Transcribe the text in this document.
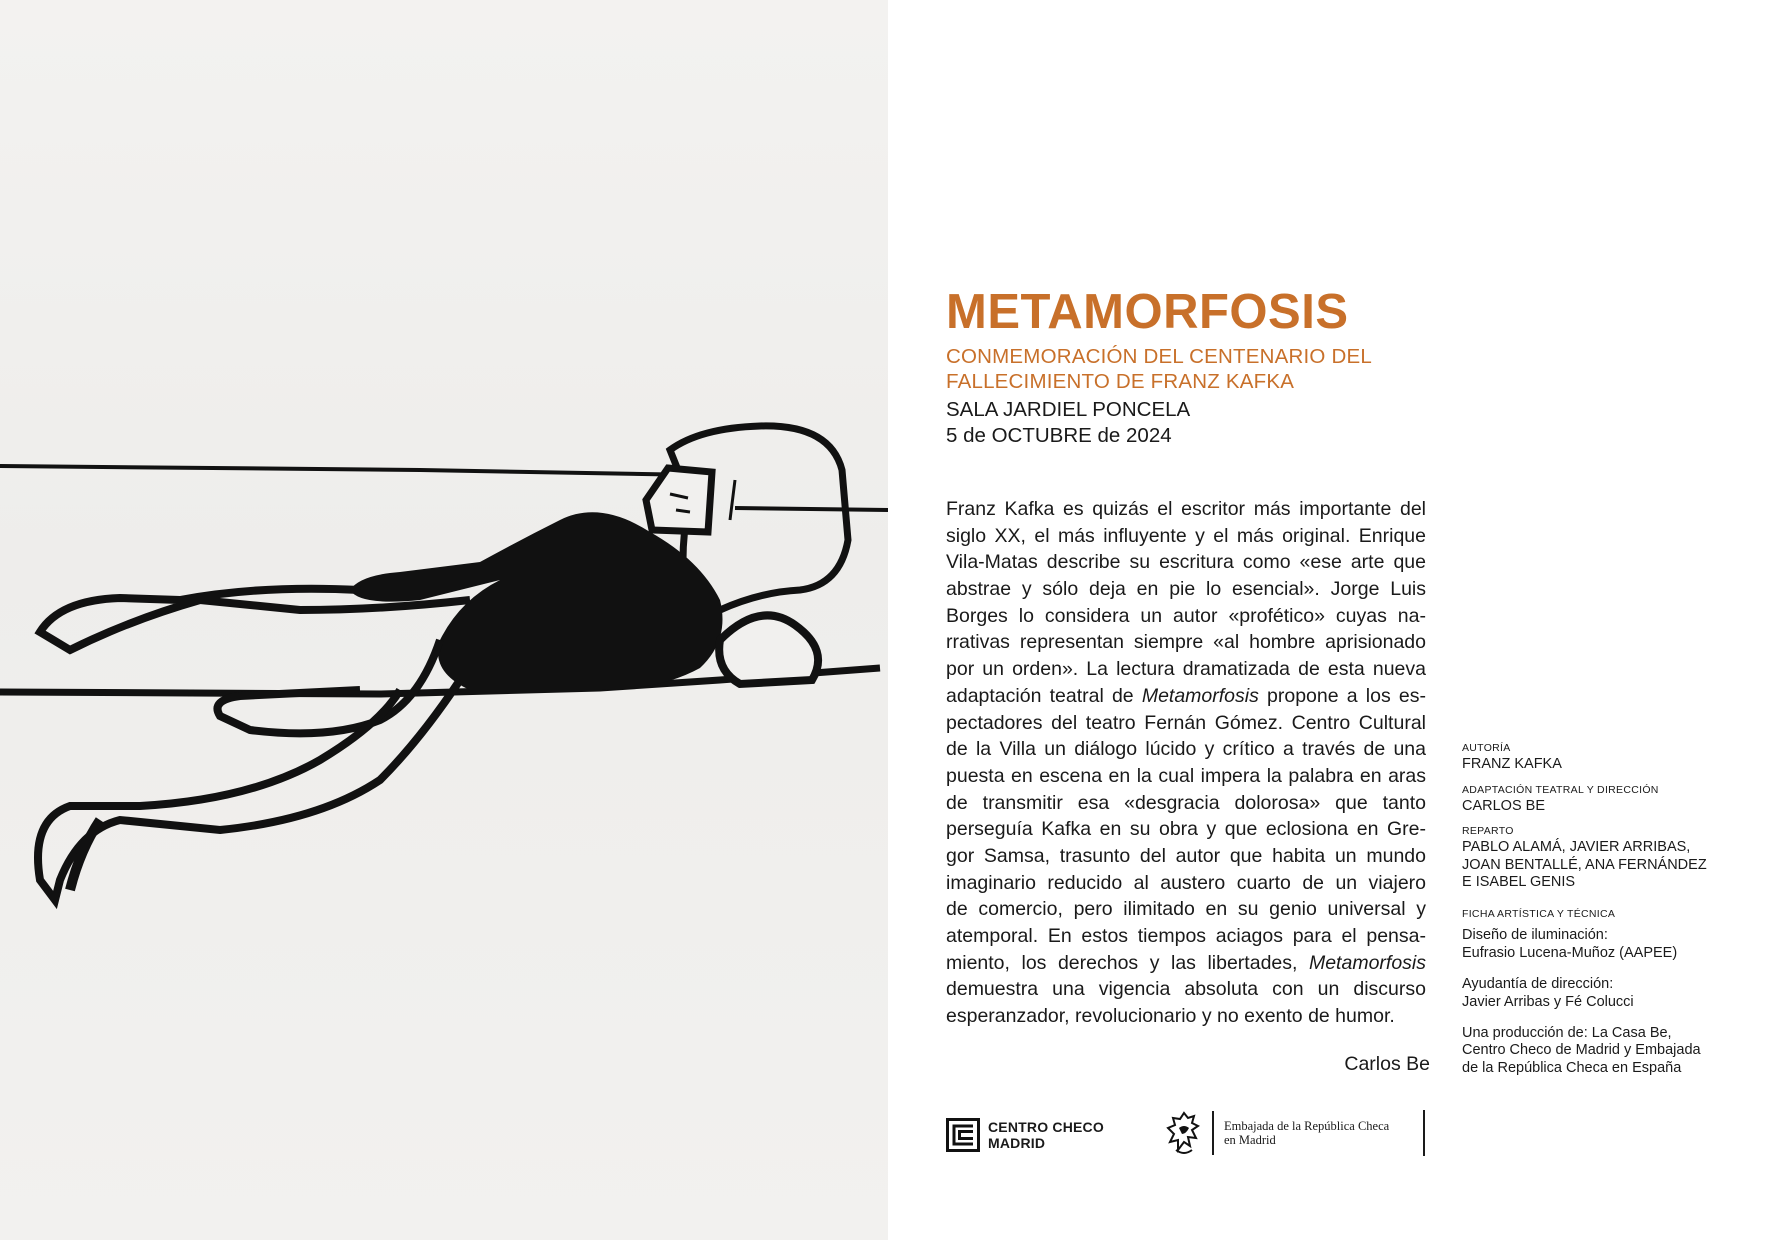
METAMORFOSIS
CONMEMORACIÓN DEL CENTENARIO DEL
FALLECIMIENTO DE FRANZ KAFKA
SALA JARDIEL PONCELA
5 de OCTUBRE de 2024
Franz Kafka es quizás el escritor más importante del
siglo XX, el más influyente y el más original. Enrique
Vila-Matas describe su escritura como «ese arte que
abstrae y sólo deja en pie lo esencial». Jorge Luis
Borges lo considera un autor «profético» cuyas na-
rrativas representan siempre «al hombre aprisionado
por un orden». La lectura dramatizada de esta nueva
adaptación teatral de Metamorfosis propone a los es-
pectadores del teatro Fernán Gómez. Centro Cultural
de la Villa un diálogo lúcido y crítico a través de una
puesta en escena en la cual impera la palabra en aras
de transmitir esa «desgracia dolorosa» que tanto
perseguía Kafka en su obra y que eclosiona en Gre-
gor Samsa, trasunto del autor que habita un mundo
imaginario reducido al austero cuarto de un viajero
de comercio, pero ilimitado en su genio universal y
atemporal. En estos tiempos aciagos para el pensa-
miento, los derechos y las libertades, Metamorfosis
demuestra una vigencia absoluta con un discurso
esperanzador, revolucionario y no exento de humor.
Carlos Be
AUTORÍA
FRANZ KAFKA
ADAPTACIÓN TEATRAL Y DIRECCIÓN
CARLOS BE
REPARTO
PABLO ALAMÁ, JAVIER ARRIBAS,
JOAN BENTALLÉ, ANA FERNÁNDEZ
E ISABEL GENIS
FICHA ARTÍSTICA Y TÉCNICA
Diseño de iluminación:
Eufrasio Lucena-Muñoz (AAPEE)
Ayudantía de dirección:
Javier Arribas y Fé Colucci
Una producción de: La Casa Be,
Centro Checo de Madrid y Embajada
de la República Checa en España
CENTRO CHECO
MADRID
Embajada de la República Checa
en Madrid
